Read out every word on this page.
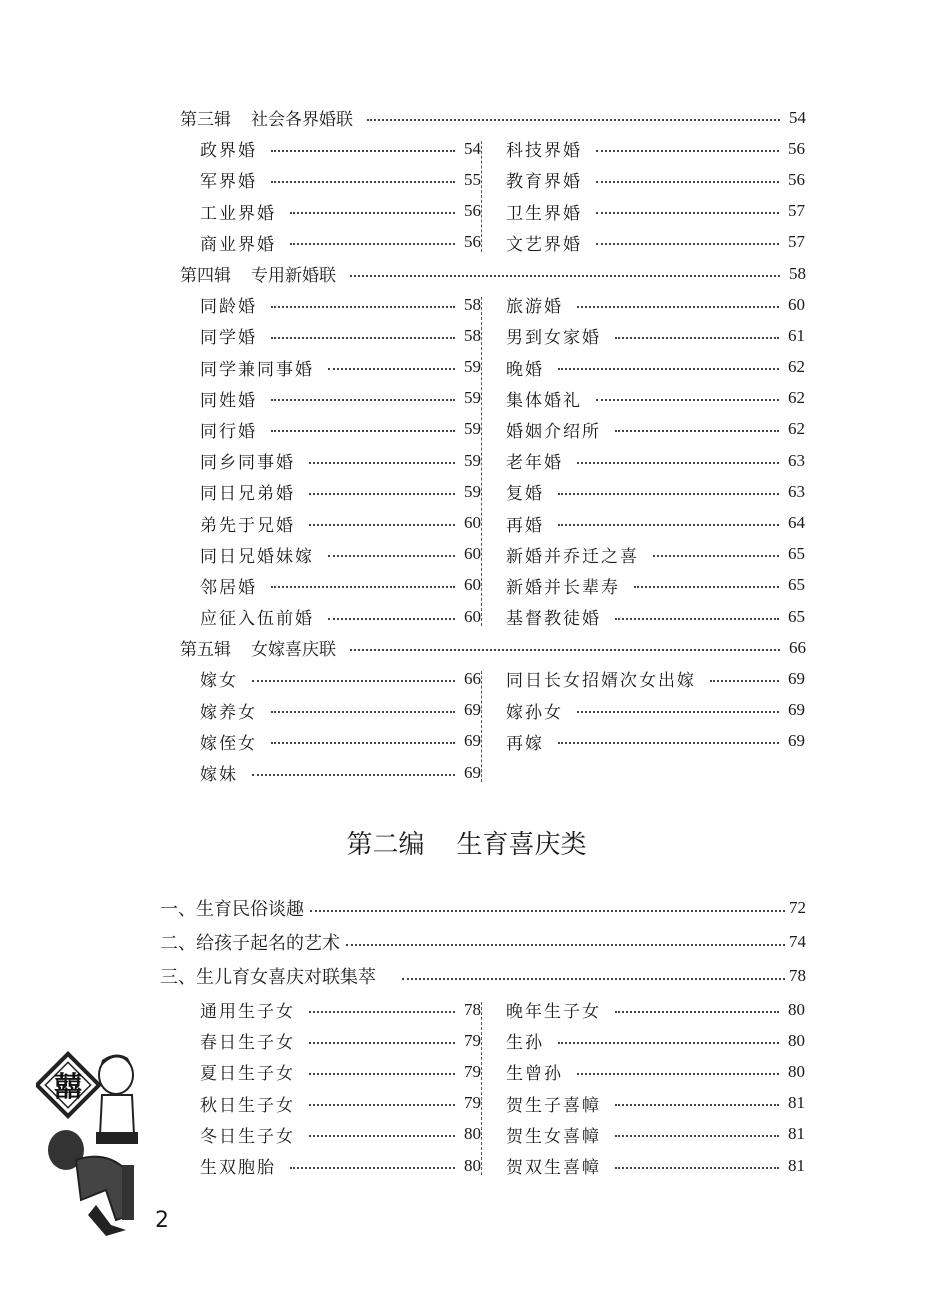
第三辑 社会各界婚联	54
政界婚	54
军界婚	55
工业界婚	56
商业界婚	56
科技界婚	56
教育界婚	56
卫生界婚	57
文艺界婚	57
第四辑 专用新婚联	58
同龄婚	58
同学婚	58
同学兼同事婚	59
同姓婚	59
同行婚	59
同乡同事婚	59
同日兄弟婚	59
弟先于兄婚	60
同日兄婚妹嫁	60
邻居婚	60
应征入伍前婚	60
旅游婚	60
男到女家婚	61
晚婚	62
集体婚礼	62
婚姻介绍所	62
老年婚	63
复婚	63
再婚	64
新婚并乔迁之喜	65
新婚并长辈寿	65
基督教徒婚	65
第五辑 女嫁喜庆联	66
嫁女	66
嫁养女	69
嫁侄女	69
嫁妹	69
同日长女招婿次女出嫁	69
嫁孙女	69
再嫁	69
第二编 生育喜庆类
一、生育民俗谈趣	72
二、给孩子起名的艺术	74
三、生儿育女喜庆对联集萃	78
通用生子女	78
春日生子女	79
夏日生子女	79
秋日生子女	79
冬日生子女	80
生双胞胎	80
晚年生子女	80
生孙	80
生曾孙	80
贺生子喜幛	81
贺生女喜幛	81
贺双生喜幛	81
囍
2
